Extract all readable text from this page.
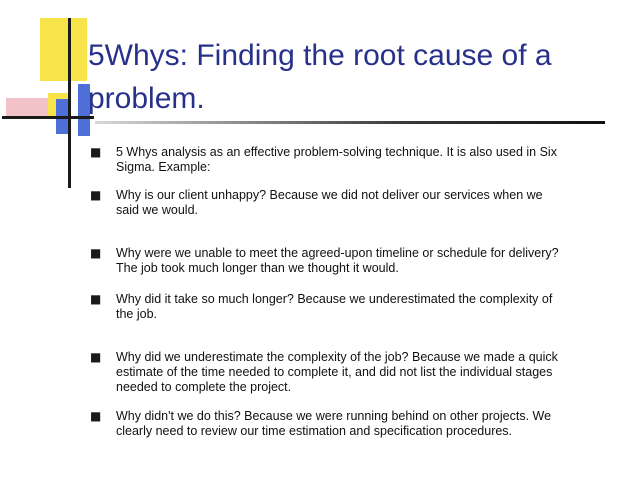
5Whys: Finding the root cause of a problem.
■ 5 Whys analysis as an effective problem-solving technique. It is also used in Six
Sigma. Example:
■ Why is our client unhappy? Because we did not deliver our services when we
said we would.
■ Why were we unable to meet the agreed-upon timeline or schedule for delivery?
The job took much longer than we thought it would.
■ Why did it take so much longer? Because we underestimated the complexity of
the job.
■ Why did we underestimate the complexity of the job? Because we made a quick
estimate of the time needed to complete it, and did not list the individual stages
needed to complete the project.
■ Why didn't we do this? Because we were running behind on other projects. We
clearly need to review our time estimation and specification procedures.
